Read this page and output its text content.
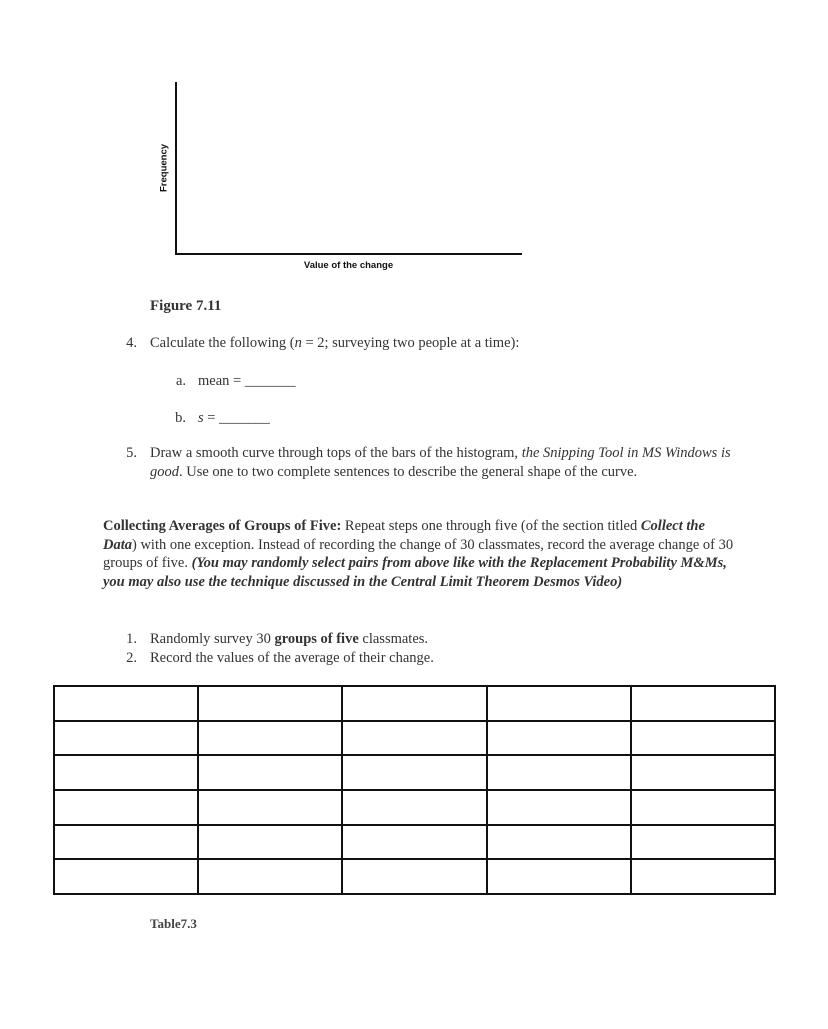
Frequency
Value of the change
Figure 7.11
4. Calculate the following (n = 2; surveying two people at a time):
a. mean = _______
b. s = _______
5. Draw a smooth curve through tops of the bars of the histogram, the Snipping Tool in MS Windows is good. Use one to two complete sentences to describe the general shape of the curve.
Collecting Averages of Groups of Five: Repeat steps one through five (of the section titled Collect the Data) with one exception. Instead of recording the change of 30 classmates, record the average change of 30 groups of five. (You may randomly select pairs from above like with the Replacement Probability M&Ms, you may also use the technique discussed in the Central Limit Theorem Desmos Video)
1. Randomly survey 30 groups of five classmates.
2. Record the values of the average of their change.

Table7.3
